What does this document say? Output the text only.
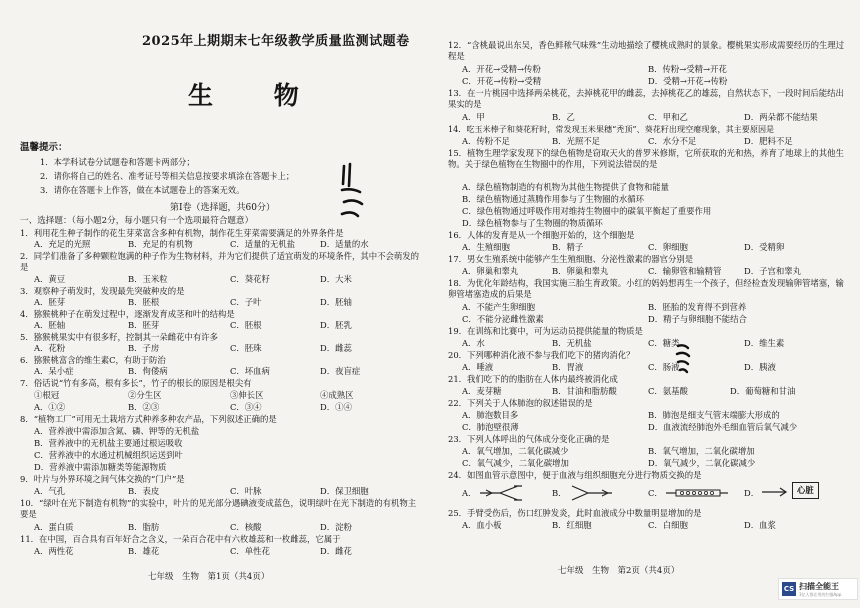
2025年上期期末七年级教学质量监测试题卷
生 物
温馨提示：
1．本学科试卷分试题卷和答题卡两部分；
2．请你将自己的姓名、准考证号等相关信息按要求填涂在答题卡上；
3．请你在答题卡上作答，做在本试题卷上的答案无效。
第Ⅰ卷（选择题，共60分）
一、选择题：（每小题2分，每小题只有一个选项最符合题意）
1．利用花生种子制作的花生芽菜富含多种有机物，制作花生芽菜需要满足的外界条件是
A．充足的光照	B．充足的有机物	C．适量的无机盐	D．适量的水
2．同学们准备了多种颗粒饱满的种子作为生物材料，并为它们提供了适宜萌发的环境条件，其中不会萌发的是
A．黄豆	B．玉米粒	C．葵花籽	D．大米
3．观察种子萌发时，发现最先突破种皮的是
A．胚芽	B．胚根	C．子叶	D．胚轴
4．猕猴桃种子在萌发过程中，逐渐发育成茎和叶的结构是
A．胚轴	B．胚芽	C．胚根	D．胚乳
5．猕猴桃果实中有很多籽，控制其一朵雌花中有许多
A．花粉	B．子房	C．胚珠	D．雌蕊
6．猕猴桃富含的维生素C，有助于防治
A．呆小症	B．佝偻病	C．坏血病	D．夜盲症
7．俗话说“竹有多高，根有多长”，竹子的根长的原因是根尖有
①根冠	②分生区	③伸长区	④成熟区
A．①②	B．②③	C．③④	D．①④
8．“植物工厂”可用无土栽培方式种养多种农产品，下列叙述正确的是
A．营养液中需添加含氮、磷、钾等的无机盐
B．营养液中的无机盐主要通过根运吸收
C．营养液中的水通过机械组织运送到叶
D．营养液中需添加糖类等能源物质
9．叶片与外界环境之间气体交换的“门户”是
A．气孔	B．表皮	C．叶脉	D．保卫细胞
10．“绿叶在光下制造有机物”的实验中，叶片的见光部分遇碘液变成蓝色，说明绿叶在光下制造的有机物主要是
A．蛋白质	B．脂肪	C．核酸	D．淀粉
11．在中国，百合具有百年好合之含义，一朵百合花中有六枚雄蕊和一枚雌蕊，它属于
A．两性花	B．雄花	C．单性花	D．雌花
七年级　生物　第1页（共4页）
12．“含桃最说出东吴，香色鲜秾气味殊”生动地描绘了樱桃成熟时的景象。樱桃果实形成需要经历的生理过程是
A．开花→受精→传粉	B．传粉→受精→开花
C．开花→传粉→受精	D．受精→开花→传粉
13．在一片桃园中选择两朵桃花，去掉桃花甲的雌蕊，去掉桃花乙的雄蕊，自然状态下，一段时间后能结出果实的是
A．甲	B．乙	C．甲和乙	D．两朵都不能结果
14．吃玉米棒子和葵花籽时，常发现玉米果穗“秃顶”、葵花籽出现空瘪现象，其主要原因是
A．传粉不足	B．光照不足	C．水分不足	D．肥料不足
15．植物生理学家发现下的绿色植物是窃取天火的普罗米修斯，它所获取的光和热，养育了地球上的其他生物。关于绿色植物在生物圈中的作用，下列说法错误的是
A．绿色植物制造的有机物为其他生物提供了食物和能量
B．绿色植物通过蒸腾作用参与了生物圈的水循环
C．绿色植物通过呼吸作用对维持生物圈中的碳氧平衡起了重要作用
D．绿色植物参与了生物圈的物质循环
16．人体的发育是从一个细胞开始的，这个细胞是
A．生殖细胞	B．精子	C．卵细胞	D．受精卵
17．男女生殖系统中能够产生生殖细胞、分泌性激素的器官分别是
A．卵巢和睾丸	B．卵巢和睾丸	C．输卵管和输精管	D．子宫和睾丸
18．为优化年龄结构，我国实施三胎生育政策。小红的妈妈想再生一个孩子，但经检查发现输卵管堵塞，输卵管堵塞造成的后果是
A．不能产生卵细胞	B．胚胎的发育得不到营养
C．不能分泌雌性激素	D．精子与卵细胞不能结合
19．在训练和比赛中，可为运动员提供能量的物质是
A．水	B．无机盐	C．糖类	D．维生素
20．下列哪种消化液不参与我们吃下的猪肉消化？
A．唾液	B．胃液	C．肠液	D．胰液
21．我们吃下的的脂肪在人体内最终被消化成
A．麦芽糖	B．甘油和脂肪酸	C．氨基酸	D．葡萄糖和甘油
22．下列关于人体肺泡的叙述错误的是
A．肺泡数目多	B．肺泡是细支气管末端膨大形成的
C．肺泡壁很薄	D．血液流经肺泡外毛细血管后氧气减少
23．下列人体呼出的气体成分变化正确的是
A．氧气增加，二氧化碳减少	B．氧气增加，二氧化碳增加
C．氧气减少，二氧化碳增加	D．氧气减少，二氧化碳减少
24．如图血管示意图中，便于血液与组织细胞充分进行物质交换的是
A．	B．	C．	D．	心脏
25．手臂受伤后，伤口红肿发炎，此时血液成分中数量明显增加的是
A．血小板	B．红细胞	C．白细胞	D．血浆
七年级　生物　第2页（共4页）
CS 扫描全能王
3亿人都在用的扫描App
